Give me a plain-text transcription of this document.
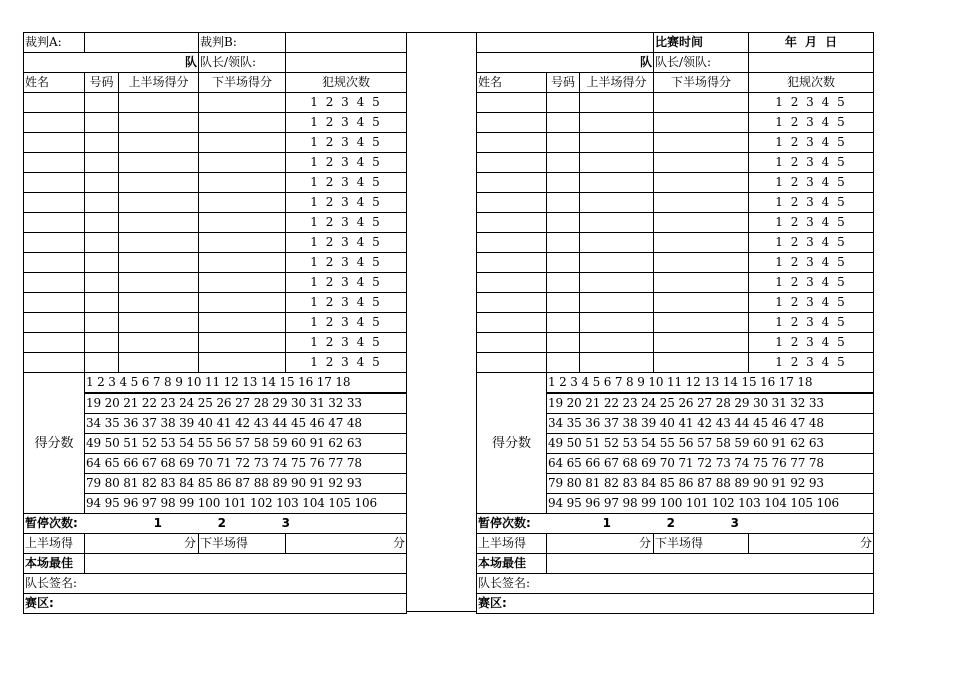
裁判A:			裁判B:	
队			队长/领队:	
姓名	号码	上半场得分	下半场得分	犯规次数
				1 2 3 4 5
				1 2 3 4 5
				1 2 3 4 5
				1 2 3 4 5
				1 2 3 4 5
				1 2 3 4 5
				1 2 3 4 5
				1 2 3 4 5
				1 2 3 4 5
				1 2 3 4 5
				1 2 3 4 5
				1 2 3 4 5
				1 2 3 4 5
				1 2 3 4 5
得分数	1 2 3 4 5 6 7 8 9 10 11 12 13 14 15 16 17 18			
	19 20 21 22 23 24 25 26 27 28 29 30 31 32 33			
	34 35 36 37 38 39 40 41 42 43 44 45 46 47 48			
	49 50 51 52 53 54 55 56 57 58 59 60 91 62 63			
	64 65 66 67 68 69 70 71 72 73 74 75 76 77 78			
	79 80 81 82 83 84 85 86 87 88 89 90 91 92 93			
	94 95 96 97 98 99 100 101 102 103 104 105 106			
暂停次数: 1 2 3				
上半场得	分		下半场得	分
本场最佳				
队长签名:				
赛区:				
			比赛时间	年 月 日
队			队长/领队:	
姓名	号码	上半场得分	下半场得分	犯规次数
				1 2 3 4 5
				1 2 3 4 5
				1 2 3 4 5
				1 2 3 4 5
				1 2 3 4 5
				1 2 3 4 5
				1 2 3 4 5
				1 2 3 4 5
				1 2 3 4 5
				1 2 3 4 5
				1 2 3 4 5
				1 2 3 4 5
				1 2 3 4 5
				1 2 3 4 5
得分数	1 2 3 4 5 6 7 8 9 10 11 12 13 14 15 16 17 18			
	19 20 21 22 23 24 25 26 27 28 29 30 31 32 33			
	34 35 36 37 38 39 40 41 42 43 44 45 46 47 48			
	49 50 51 52 53 54 55 56 57 58 59 60 91 62 63			
	64 65 66 67 68 69 70 71 72 73 74 75 76 77 78			
	79 80 81 82 83 84 85 86 87 88 89 90 91 92 93			
	94 95 96 97 98 99 100 101 102 103 104 105 106			
暂停次数: 1 2 3				
上半场得	分		下半场得	分
本场最佳				
队长签名:				
赛区:				
